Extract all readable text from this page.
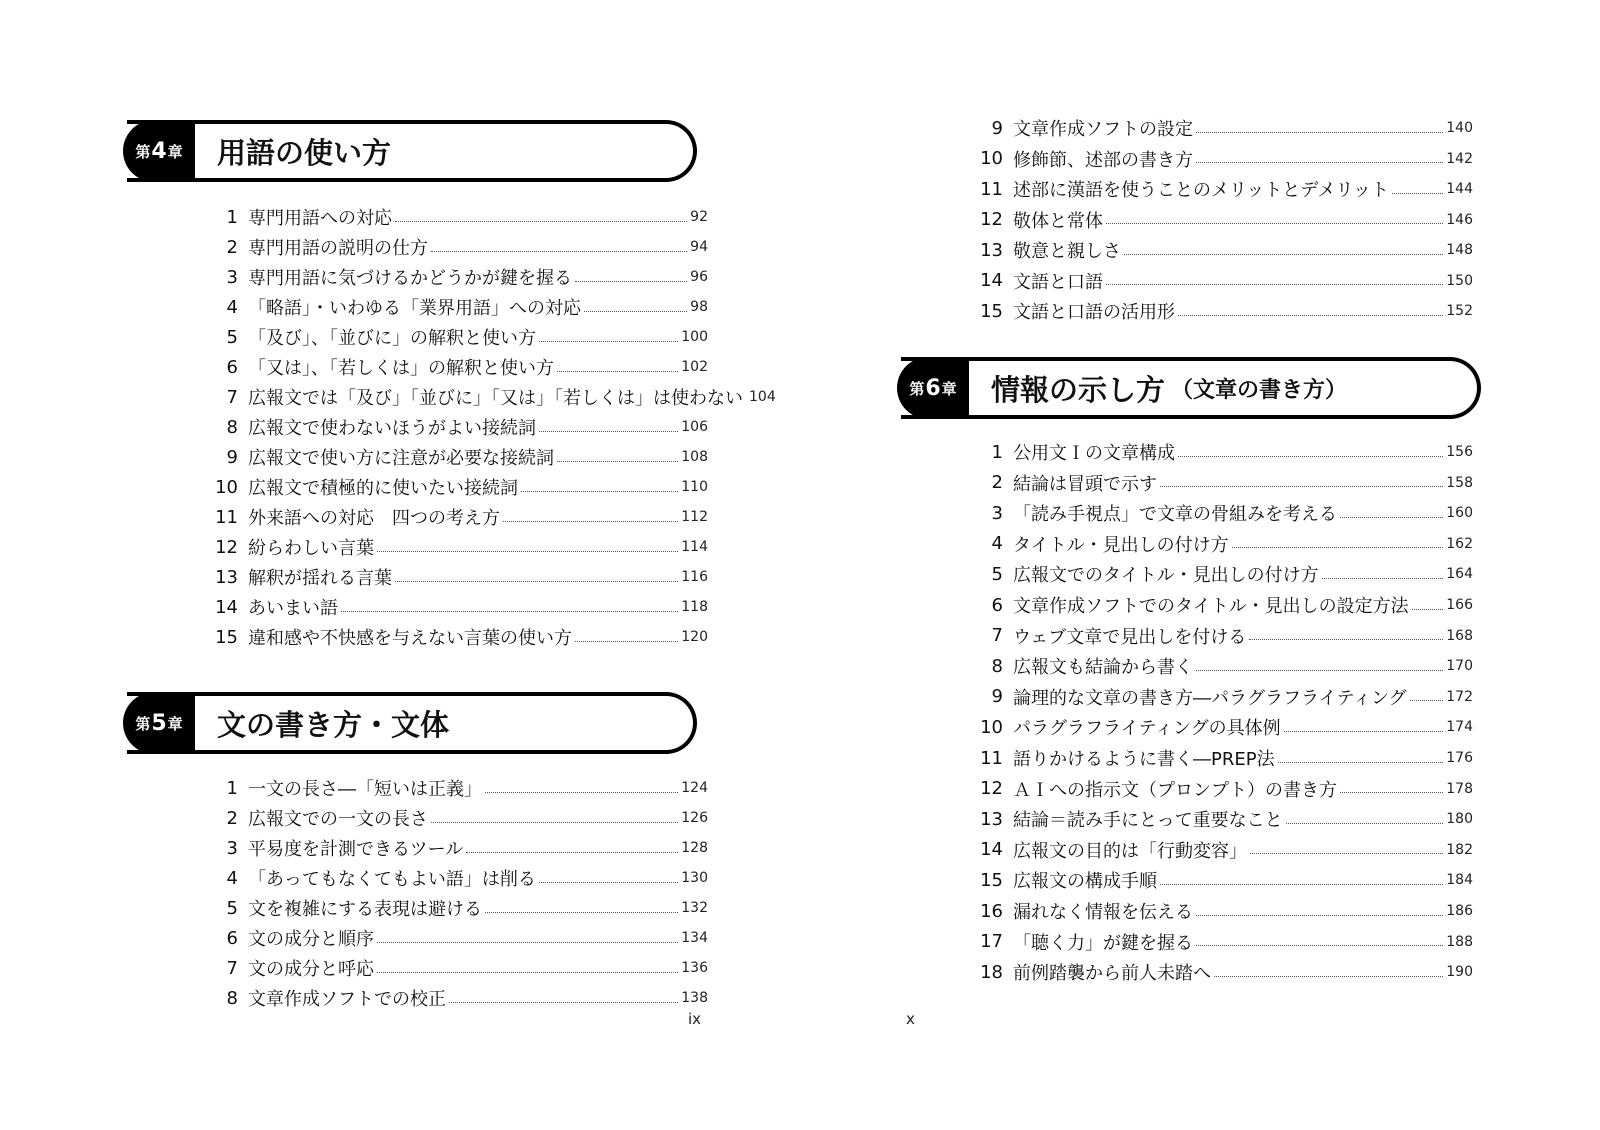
第 4 章 用語の使い方
1 専門用語への対応	92
2 専門用語の説明の仕方	94
3 専門用語に気づけるかどうかが鍵を握る	96
4 「略語」・いわゆる「業界用語」への対応	98
5 「及び」、「並びに」の解釈と使い方	100
6 「又は」、「若しくは」の解釈と使い方	102
7 広報文では「及び」「並びに」「又は」「若しくは」は使わない 104
8 広報文で使わないほうがよい接続詞	106
9 広報文で使い方に注意が必要な接続詞	108
10 広報文で積極的に使いたい接続詞	110
11 外来語への対応　四つの考え方	112
12 紛らわしい言葉	114
13 解釈が揺れる言葉	116
14 あいまい語	118
15 違和感や不快感を与えない言葉の使い方	120
第 5 章 文の書き方・文体
1 一文の長さ―「短いは正義」	124
2 広報文での一文の長さ	126
3 平易度を計測できるツール	128
4 「あってもなくてもよい語」は削る	130
5 文を複雑にする表現は避ける	132
6 文の成分と順序	134
7 文の成分と呼応	136
8 文章作成ソフトでの校正	138
ix
9 文章作成ソフトの設定	140
10 修飾節、述部の書き方	142
11 述部に漢語を使うことのメリットとデメリット	144
12 敬体と常体	146
13 敬意と親しさ	148
14 文語と口語	150
15 文語と口語の活用形	152
第 6 章 情報の示し方 （文章の書き方）
1 公用文Ｉの文章構成	156
2 結論は冒頭で示す	158
3 「読み手視点」で文章の骨組みを考える	160
4 タイトル・見出しの付け方	162
5 広報文でのタイトル・見出しの付け方	164
6 文章作成ソフトでのタイトル・見出しの設定方法	166
7 ウェブ文章で見出しを付ける	168
8 広報文も結論から書く	170
9 論理的な文章の書き方―パラグラフライティング	172
10 パラグラフライティングの具体例	174
11 語りかけるように書く―PREP法	176
12 ＡＩへの指示文（プロンプト）の書き方	178
13 結論＝読み手にとって重要なこと	180
14 広報文の目的は「行動変容」	182
15 広報文の構成手順	184
16 漏れなく情報を伝える	186
17 「聴く力」が鍵を握る	188
18 前例踏襲から前人未踏へ	190
x
